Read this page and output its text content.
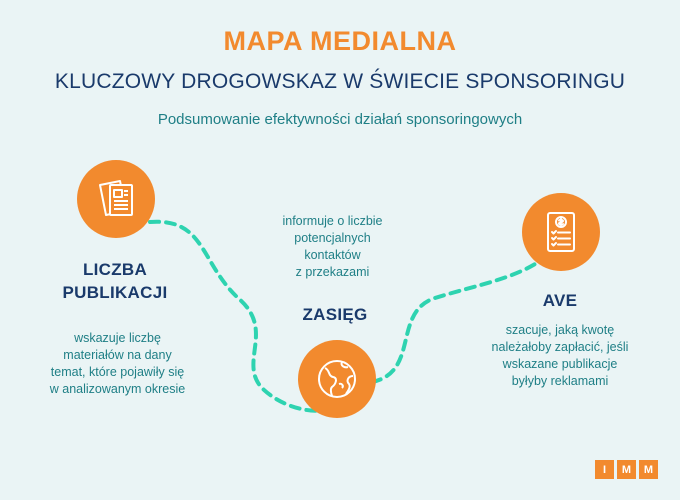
MAPA MEDIALNA
KLUCZOWY DROGOWSKAZ W ŚWIECIE SPONSORINGU
Podsumowanie efektywności działań sponsoringowych
LICZBA
PUBLIKACJI
wskazuje liczbę
materiałów na dany
temat, które pojawiły się
w analizowanym okresie
informuje o liczbie
potencjalnych
kontaktów
z przekazami
ZASIĘG
AVE
szacuje, jaką kwotę
należałoby zapłacić, jeśli
wskazane publikacje
byłyby reklamami
I	M	M
